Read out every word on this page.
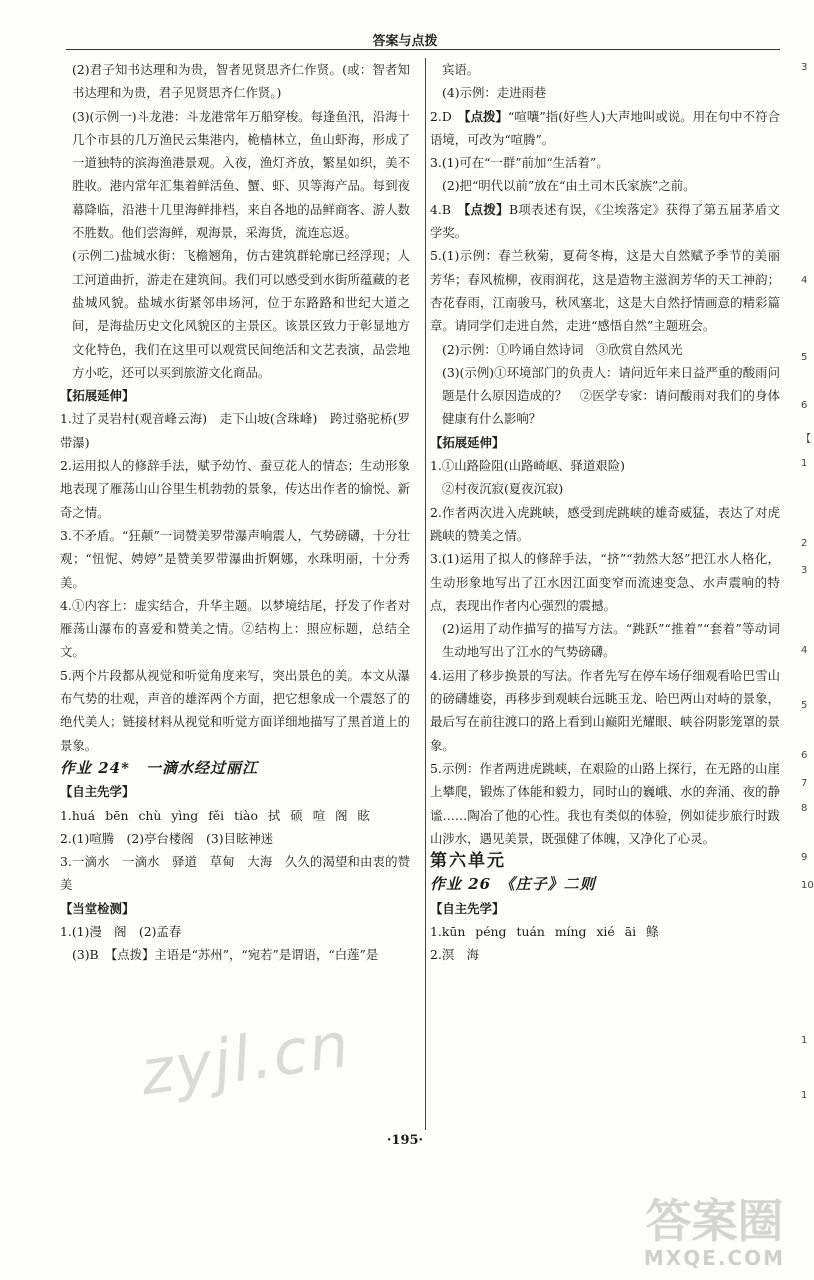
答案与点拨

(2)君子知书达理和为贵，智者见贤思齐仁作贤。(或：智者知书达理和为贵，君子见贤思齐仁作贤。)

(3)(示例一)斗龙港：斗龙港常年万船穿梭。每逢鱼汛，沿海十几个市县的几万渔民云集港内，桅樯林立，鱼山虾海，形成了一道独特的滨海渔港景观。入夜，渔灯齐放，繁星如织，美不胜收。港内常年汇集着鲜活鱼、蟹、虾、贝等海产品。每到夜幕降临，沿港十几里海鲜排档，来自各地的品鲜商客、游人数不胜数。他们尝海鲜，观海景，采海货，流连忘返。

(示例二)盐城水街：飞檐翘角，仿古建筑群轮廓已经浮现；人工河道曲折，游走在建筑间。我们可以感受到水街所蕴藏的老盐城风貌。盐城水街紧邻串场河，位于东路路和世纪大道之间，是海盐历史文化风貌区的主景区。该景区致力于彰显地方文化特色，我们在这里可以观赏民间绝活和文艺表演，品尝地方小吃，还可以买到旅游文化商品。

【拓展延伸】

1.过了灵岩村(观音峰云海)　走下山坡(含珠峰)　跨过骆驼桥(罗带瀑)

2.运用拟人的修辞手法，赋予幼竹、蚕豆花人的情态；生动形象地表现了雁荡山山谷里生机勃勃的景象，传达出作者的愉悦、新奇之情。

3.不矛盾。“狂颠”一词赞美罗带瀑声响震人，气势磅礴，十分壮观；“忸怩、娉婷”是赞美罗带瀑曲折婀娜，水珠明丽，十分秀美。

4.①内容上：虚实结合，升华主题。以梦境结尾，抒发了作者对雁荡山瀑布的喜爱和赞美之情。②结构上：照应标题，总结全文。

5.两个片段都从视觉和听觉角度来写，突出景色的美。本文从瀑布气势的壮观，声音的雄浑两个方面，把它想象成一个震怒了的绝代美人；链接材料从视觉和听觉方面详细地描写了黑首道上的景象。

作业 24*　一滴水经过丽江

【自主先学】

1.huá bēn chù yìng fěi tiào 拭 硕 喧 阁 眩

2.(1)喧腾　(2)亭台楼阁　(3)目眩神迷

3.一滴水　一滴水　驿道　草甸　大海　久久的渴望和由衷的赞美

【当堂检测】

1.(1)漫　阁　(2)孟春

(3)B　【点拨】主语是“苏州”，“宛若”是谓语，“白莲”是

宾语。

(4)示例：走进雨巷

2.D　【点拨】“喧嚷”指(好些人)大声地叫或说。用在句中不符合语境，可改为“喧腾”。

3.(1)可在“一群”前加“生活着”。

(2)把“明代以前”放在“由土司木氏家族”之前。

4.B　【点拨】B项表述有误，《尘埃落定》获得了第五届茅盾文学奖。

5.(1)示例：春兰秋菊，夏荷冬梅，这是大自然赋予季节的美丽芳华；春风梳柳，夜雨润花，这是造物主滋润芳华的天工神韵；杏花春雨，江南骏马，秋风塞北，这是大自然抒情画意的精彩篇章。请同学们走进自然，走进“感悟自然”主题班会。

(2)示例：①吟诵自然诗词　③欣赏自然风光

(3)(示例)①环境部门的负责人：请问近年来日益严重的酸雨问题是什么原因造成的？　②医学专家：请问酸雨对我们的身体健康有什么影响？

【拓展延伸】

1.①山路险阻(山路崎岖、驿道艰险)

②村夜沉寂(夏夜沉寂)

2.作者两次进入虎跳峡，感受到虎跳峡的雄奇威猛，表达了对虎跳峡的赞美之情。

3.(1)运用了拟人的修辞手法，“挤”“勃然大怒”把江水人格化，生动形象地写出了江水因江面变窄而流速变急、水声震响的特点，表现出作者内心强烈的震撼。

(2)运用了动作描写的描写方法。“跳跃”“推着”“套着”等动词生动地写出了江水的气势磅礴。

4.运用了移步换景的写法。作者先写在停车场仔细观看哈巴雪山的磅礴雄姿，再移步到观峡台远眺玉龙、哈巴两山对峙的景象，最后写在前往渡口的路上看到山巅阳光耀眼、峡谷阴影笼罩的景象。

5.示例：作者两进虎跳峡，在艰险的山路上探行，在无路的山崖上攀爬，锻炼了体能和毅力，同时山的巍峨、水的奔涌、夜的静谧……陶冶了他的心性。我也有类似的体验，例如徒步旅行时跋山涉水，遇见美景，既强健了体魄，又净化了心灵。

第六单元

作业 26　《庄子》二则

【自主先学】

1.kūn péng tuán míng xié āi 鲦

2.溟　海

·195·
zyjl.cn
答案圈
MXQE.COM
3
4
5
6
【
1
2
3
4
5
6
7
8
9
10
1
1
